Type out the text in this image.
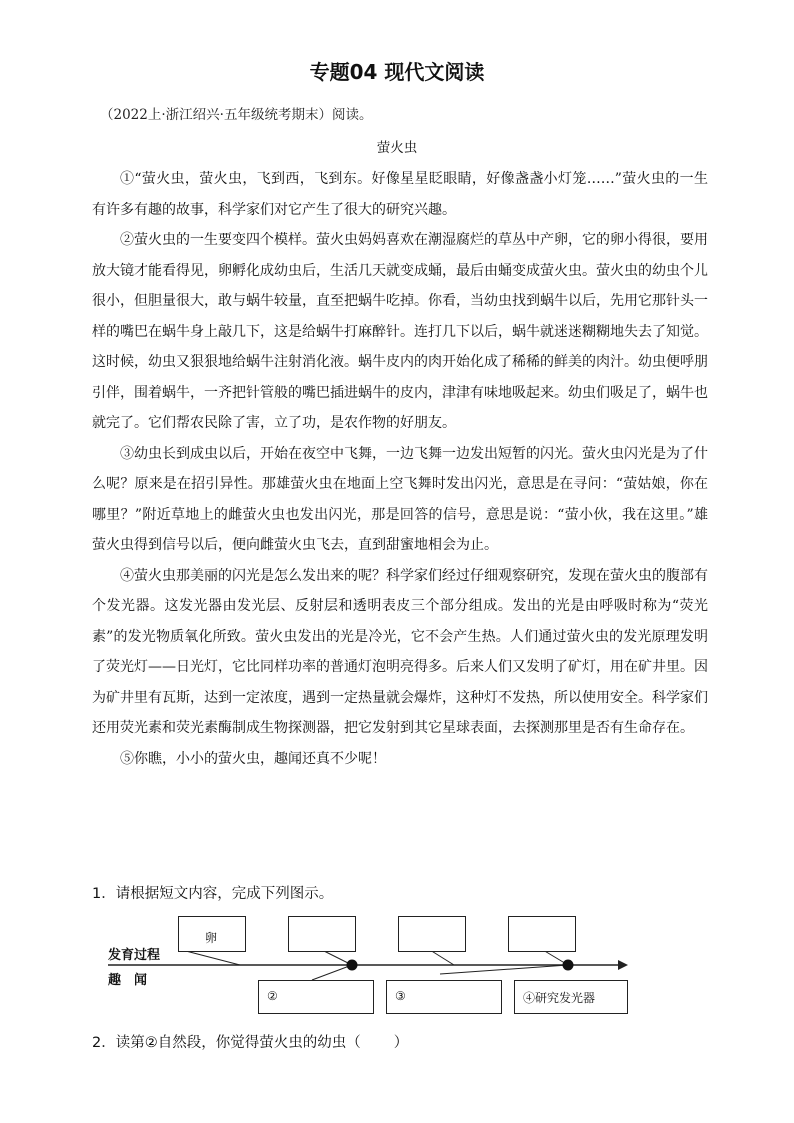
专题04 现代文阅读
（2022上·浙江绍兴·五年级统考期末）阅读。
萤火虫

①“萤火虫，萤火虫，飞到西，飞到东。好像星星眨眼睛，好像盏盏小灯笼……”萤火虫的一生有许多有趣的故事，科学家们对它产生了很大的研究兴趣。

②萤火虫的一生要变四个模样。萤火虫妈妈喜欢在潮湿腐烂的草丛中产卵，它的卵小得很，要用放大镜才能看得见，卵孵化成幼虫后，生活几天就变成蛹，最后由蛹变成萤火虫。萤火虫的幼虫个儿很小，但胆量很大，敢与蜗牛较量，直至把蜗牛吃掉。你看，当幼虫找到蜗牛以后，先用它那针头一样的嘴巴在蜗牛身上敲几下，这是给蜗牛打麻醉针。连打几下以后，蜗牛就迷迷糊糊地失去了知觉。这时候，幼虫又狠狠地给蜗牛注射消化液。蜗牛皮内的肉开始化成了稀稀的鲜美的肉汁。幼虫便呼朋引伴，围着蜗牛，一齐把针管般的嘴巴插进蜗牛的皮内，津津有味地吸起来。幼虫们吸足了，蜗牛也就完了。它们帮农民除了害，立了功，是农作物的好朋友。

③幼虫长到成虫以后，开始在夜空中飞舞，一边飞舞一边发出短暂的闪光。萤火虫闪光是为了什么呢？原来是在招引异性。那雄萤火虫在地面上空飞舞时发出闪光，意思是在寻问：“萤姑娘，你在哪里？”附近草地上的雌萤火虫也发出闪光，那是回答的信号，意思是说：“萤小伙，我在这里。”雄萤火虫得到信号以后，便向雌萤火虫飞去，直到甜蜜地相会为止。

④萤火虫那美丽的闪光是怎么发出来的呢？科学家们经过仔细观察研究，发现在萤火虫的腹部有个发光器。这发光器由发光层、反射层和透明表皮三个部分组成。发出的光是由呼吸时称为“荧光素”的发光物质氧化所致。萤火虫发出的光是冷光，它不会产生热。人们通过萤火虫的发光原理发明了荧光灯——日光灯，它比同样功率的普通灯泡明亮得多。后来人们又发明了矿灯，用在矿井里。因为矿井里有瓦斯，达到一定浓度，遇到一定热量就会爆炸，这种灯不发热，所以使用安全。科学家们还用荧光素和荧光素酶制成生物探测器，把它发射到其它星球表面，去探测那里是否有生命存在。

⑤你瞧，小小的萤火虫，趣闻还真不少呢！

1．请根据短文内容，完成下列图示。
发育过程
趣　闻
卵
②	③	④研究发光器
2．读第②自然段，你觉得萤火虫的幼虫（　　）
